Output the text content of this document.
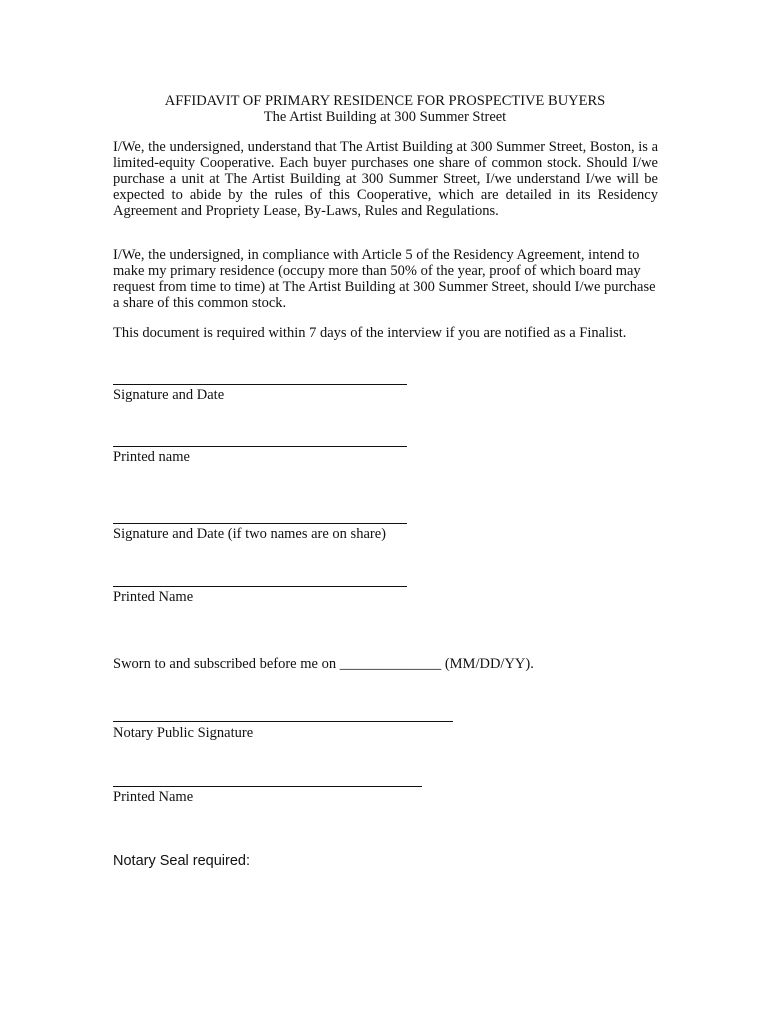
AFFIDAVIT OF PRIMARY RESIDENCE FOR PROSPECTIVE BUYERS
The Artist Building at 300 Summer Street

I/We, the undersigned, understand that The Artist Building at 300 Summer Street, Boston, is a limited-equity Cooperative. Each buyer purchases one share of common stock. Should I/we purchase a unit at The Artist Building at 300 Summer Street, I/we understand I/we will be expected to abide by the rules of this Cooperative, which are detailed in its Residency Agreement and Propriety Lease, By-Laws, Rules and Regulations.

I/We, the undersigned, in compliance with Article 5 of the Residency Agreement, intend to make my primary residence (occupy more than 50% of the year, proof of which board may request from time to time) at The Artist Building at 300 Summer Street, should I/we purchase a share of this common stock.

This document is required within 7 days of the interview if you are notified as a Finalist.

Signature and Date
Printed name
Signature and Date (if two names are on share)
Printed Name
Sworn to and subscribed before me on ______________ (MM/DD/YY).
Notary Public Signature
Printed Name
Notary Seal required:
